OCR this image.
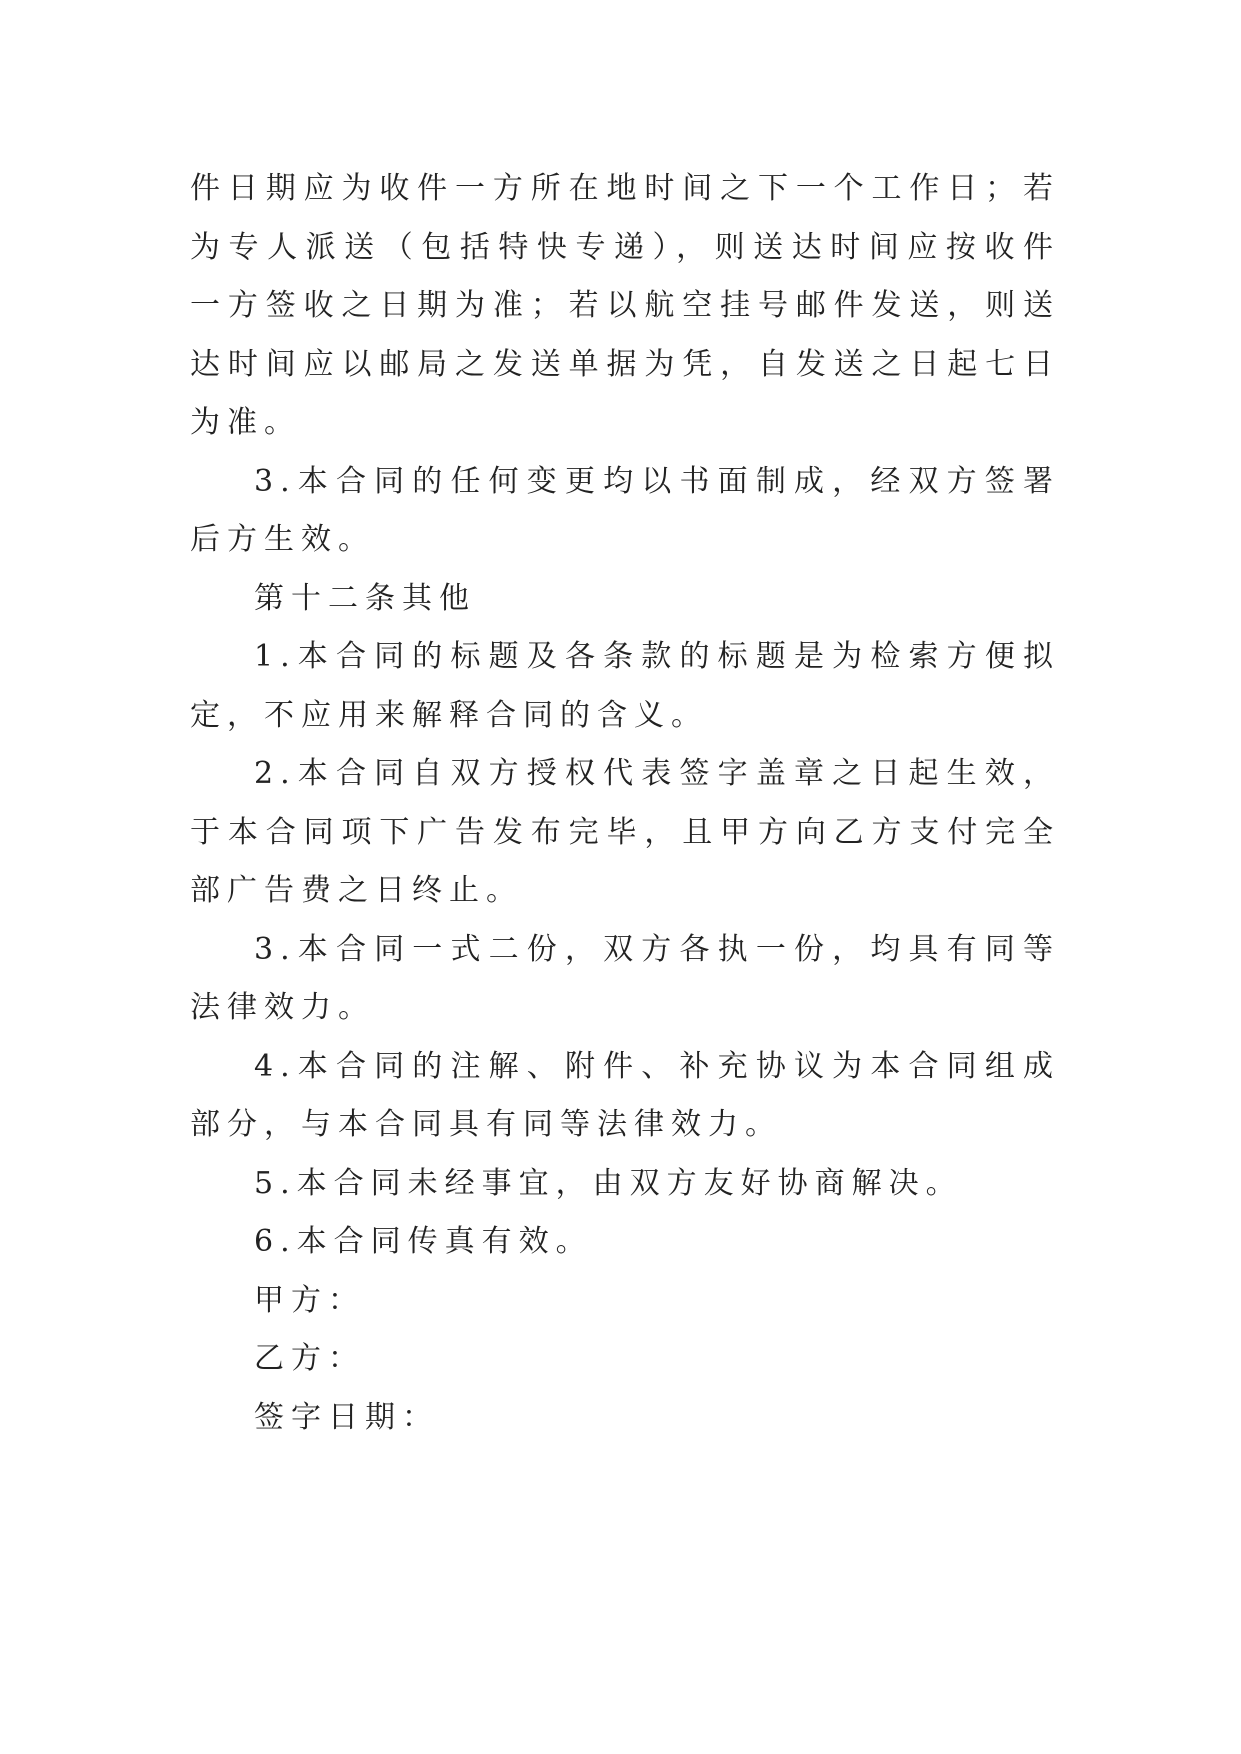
件日期应为收件一方所在地时间之下一个工作日；若为专人派送（包括特快专递），则送达时间应按收件一方签收之日期为准；若以航空挂号邮件发送，则送达时间应以邮局之发送单据为凭，自发送之日起七日为准。

3.本合同的任何变更均以书面制成，经双方签署后方生效。

第十二条其他

1.本合同的标题及各条款的标题是为检索方便拟定，不应用来解释合同的含义。

2.本合同自双方授权代表签字盖章之日起生效，于本合同项下广告发布完毕，且甲方向乙方支付完全部广告费之日终止。

3.本合同一式二份，双方各执一份，均具有同等法律效力。

4.本合同的注解、附件、补充协议为本合同组成部分，与本合同具有同等法律效力。

5.本合同未经事宜，由双方友好协商解决。

6.本合同传真有效。

甲方：

乙方：

签字日期：
